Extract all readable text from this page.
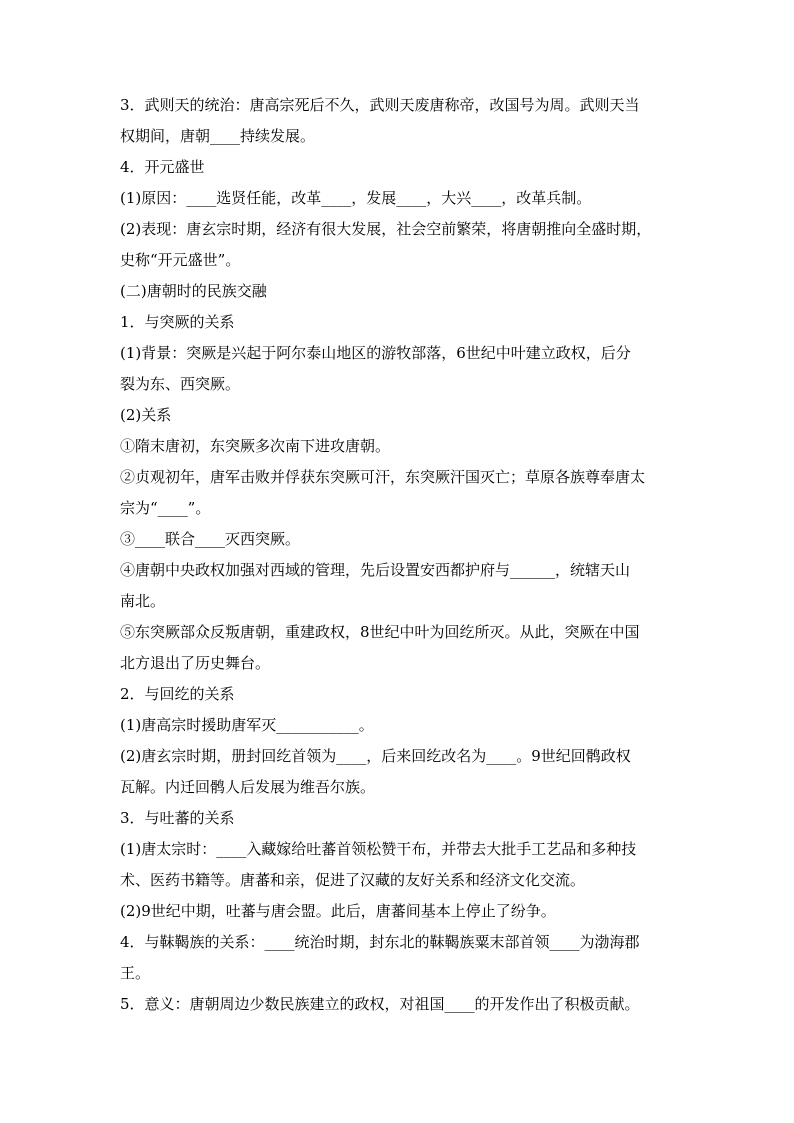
3．武则天的统治：唐高宗死后不久，武则天废唐称帝，改国号为周。武则天当
权期间，唐朝____持续发展。
4．开元盛世
(1)原因：____选贤任能，改革____，发展____，大兴____，改革兵制。
(2)表现：唐玄宗时期，经济有很大发展，社会空前繁荣，将唐朝推向全盛时期，
史称“开元盛世”。
(二)唐朝时的民族交融
1．与突厥的关系
(1)背景：突厥是兴起于阿尔泰山地区的游牧部落，6世纪中叶建立政权，后分
裂为东、西突厥。
(2)关系
①隋末唐初，东突厥多次南下进攻唐朝。
②贞观初年，唐军击败并俘获东突厥可汗，东突厥汗国灭亡；草原各族尊奉唐太
宗为“____”。
③____联合____灭西突厥。
④唐朝中央政权加强对西域的管理，先后设置安西都护府与______，统辖天山
南北。
⑤东突厥部众反叛唐朝，重建政权，8世纪中叶为回纥所灭。从此，突厥在中国
北方退出了历史舞台。
2．与回纥的关系
(1)唐高宗时援助唐军灭___________。
(2)唐玄宗时期，册封回纥首领为____，后来回纥改名为____。9世纪回鹘政权
瓦解。内迁回鹘人后发展为维吾尔族。
3．与吐蕃的关系
(1)唐太宗时：____入藏嫁给吐蕃首领松赞干布，并带去大批手工艺品和多种技
术、医药书籍等。唐蕃和亲，促进了汉藏的友好关系和经济文化交流。
(2)9世纪中期，吐蕃与唐会盟。此后，唐蕃间基本上停止了纷争。
4．与靺鞨族的关系：____统治时期，封东北的靺鞨族粟末部首领____为渤海郡
王。
5．意义：唐朝周边少数民族建立的政权，对祖国____的开发作出了积极贡献。
